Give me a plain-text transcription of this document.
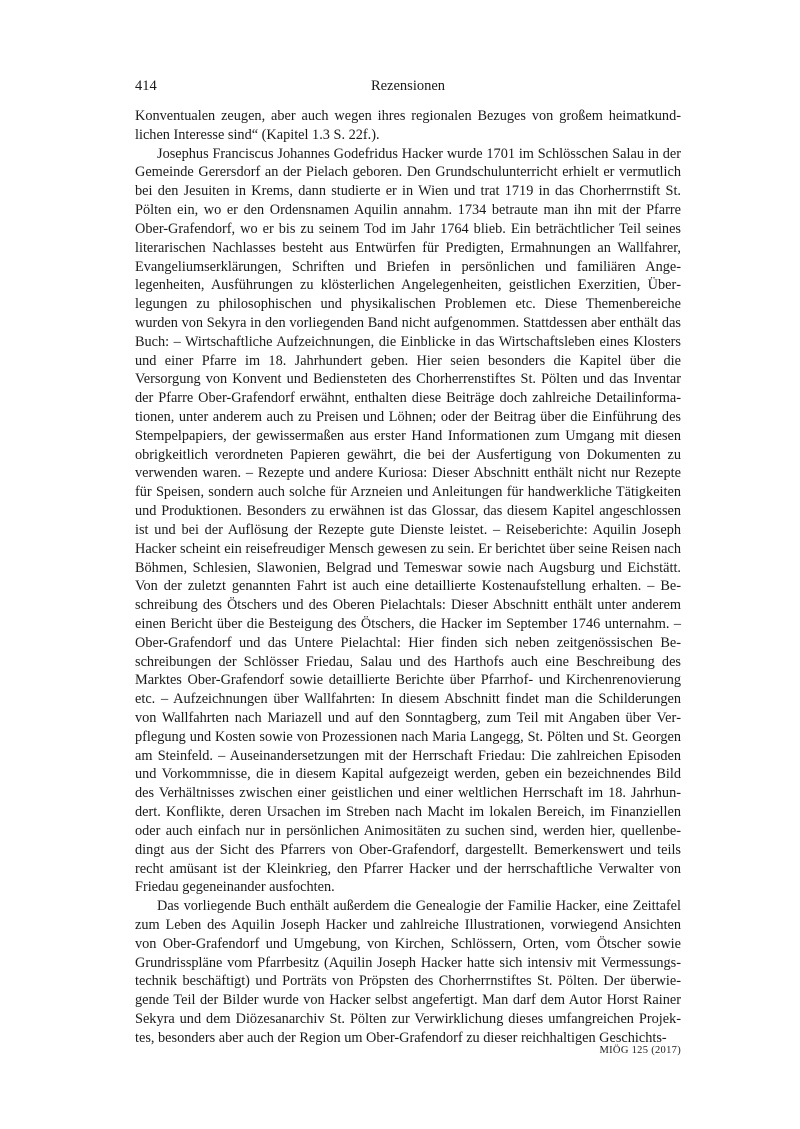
414	Rezensionen

Konventualen zeugen, aber auch wegen ihres regionalen Bezuges von großem heimatkundlichen Interesse sind“ (Kapitel 1.3 S. 22f.).

Josephus Franciscus Johannes Godefridus Hacker wurde 1701 im Schlösschen Salau in der Gemeinde Gerersdorf an der Pielach geboren. Den Grundschulunterricht erhielt er vermutlich bei den Jesuiten in Krems, dann studierte er in Wien und trat 1719 in das Chorherrnstift St. Pölten ein, wo er den Ordensnamen Aquilin annahm. 1734 betraute man ihn mit der Pfarre Ober-Grafendorf, wo er bis zu seinem Tod im Jahr 1764 blieb. Ein beträchtlicher Teil seines literarischen Nachlasses besteht aus Entwürfen für Predigten, Ermahnungen an Wallfahrer, Evangeliumserklärungen, Schriften und Briefen in persönlichen und familiären Angelegenheiten, Ausführungen zu klösterlichen Angelegenheiten, geistlichen Exerzitien, Überlegungen zu philosophischen und physikalischen Problemen etc. Diese Themenbereiche wurden von Sekyra in den vorliegenden Band nicht aufgenommen. Stattdessen aber enthält das Buch: – Wirtschaftliche Aufzeichnungen, die Einblicke in das Wirtschaftsleben eines Klosters und einer Pfarre im 18. Jahrhundert geben. Hier seien besonders die Kapitel über die Versorgung von Konvent und Bediensteten des Chorherrenstiftes St. Pölten und das Inventar der Pfarre Ober-Grafendorf erwähnt, enthalten diese Beiträge doch zahlreiche Detailinformationen, unter anderem auch zu Preisen und Löhnen; oder der Beitrag über die Einführung des Stempelpapiers, der gewissermaßen aus erster Hand Informationen zum Umgang mit diesen obrigkeitlich verordneten Papieren gewährt, die bei der Ausfertigung von Dokumenten zu verwenden waren. – Rezepte und andere Kuriosa: Dieser Abschnitt enthält nicht nur Rezepte für Speisen, sondern auch solche für Arzneien und Anleitungen für handwerkliche Tätigkeiten und Produktionen. Besonders zu erwähnen ist das Glossar, das diesem Kapitel angeschlossen ist und bei der Auflösung der Rezepte gute Dienste leistet. – Reiseberichte: Aquilin Joseph Hacker scheint ein reisefreudiger Mensch gewesen zu sein. Er berichtet über seine Reisen nach Böhmen, Schlesien, Slawonien, Belgrad und Temeswar sowie nach Augsburg und Eichstätt. Von der zuletzt genannten Fahrt ist auch eine detaillierte Kostenaufstellung erhalten. – Beschreibung des Ötschers und des Oberen Pielachtals: Dieser Abschnitt enthält unter anderem einen Bericht über die Besteigung des Ötschers, die Hacker im September 1746 unternahm. – Ober-Grafendorf und das Untere Pielachtal: Hier finden sich neben zeitgenössischen Beschreibungen der Schlösser Friedau, Salau und des Harthofs auch eine Beschreibung des Marktes Ober-Grafendorf sowie detaillierte Berichte über Pfarrhof- und Kirchenrenovierung etc. – Aufzeichnungen über Wallfahrten: In diesem Abschnitt findet man die Schilderungen von Wallfahrten nach Mariazell und auf den Sonntagberg, zum Teil mit Angaben über Verpflegung und Kosten sowie von Prozessionen nach Maria Langegg, St. Pölten und St. Georgen am Steinfeld. – Auseinandersetzungen mit der Herrschaft Friedau: Die zahlreichen Episoden und Vorkommnisse, die in diesem Kapital aufgezeigt werden, geben ein bezeichnendes Bild des Verhältnisses zwischen einer geistlichen und einer weltlichen Herrschaft im 18. Jahrhundert. Konflikte, deren Ursachen im Streben nach Macht im lokalen Bereich, im Finanziellen oder auch einfach nur in persönlichen Animositäten zu suchen sind, werden hier, quellenbedingt aus der Sicht des Pfarrers von Ober-Grafendorf, dargestellt. Bemerkenswert und teils recht amüsant ist der Kleinkrieg, den Pfarrer Hacker und der herrschaftliche Verwalter von Friedau gegeneinander ausfochten.

Das vorliegende Buch enthält außerdem die Genealogie der Familie Hacker, eine Zeittafel zum Leben des Aquilin Joseph Hacker und zahlreiche Illustrationen, vorwiegend Ansichten von Ober-Grafendorf und Umgebung, von Kirchen, Schlössern, Orten, vom Ötscher sowie Grundrisspläne vom Pfarrbesitz (Aquilin Joseph Hacker hatte sich intensiv mit Vermessungstechnik beschäftigt) und Porträts von Pröpsten des Chorherrnstiftes St. Pölten. Der überwiegende Teil der Bilder wurde von Hacker selbst angefertigt. Man darf dem Autor Horst Rainer Sekyra und dem Diözesanarchiv St. Pölten zur Verwirklichung dieses umfangreichen Projektes, besonders aber auch der Region um Ober-Grafendorf zu dieser reichhaltigen Geschichts-

MIÖG 125 (2017)
